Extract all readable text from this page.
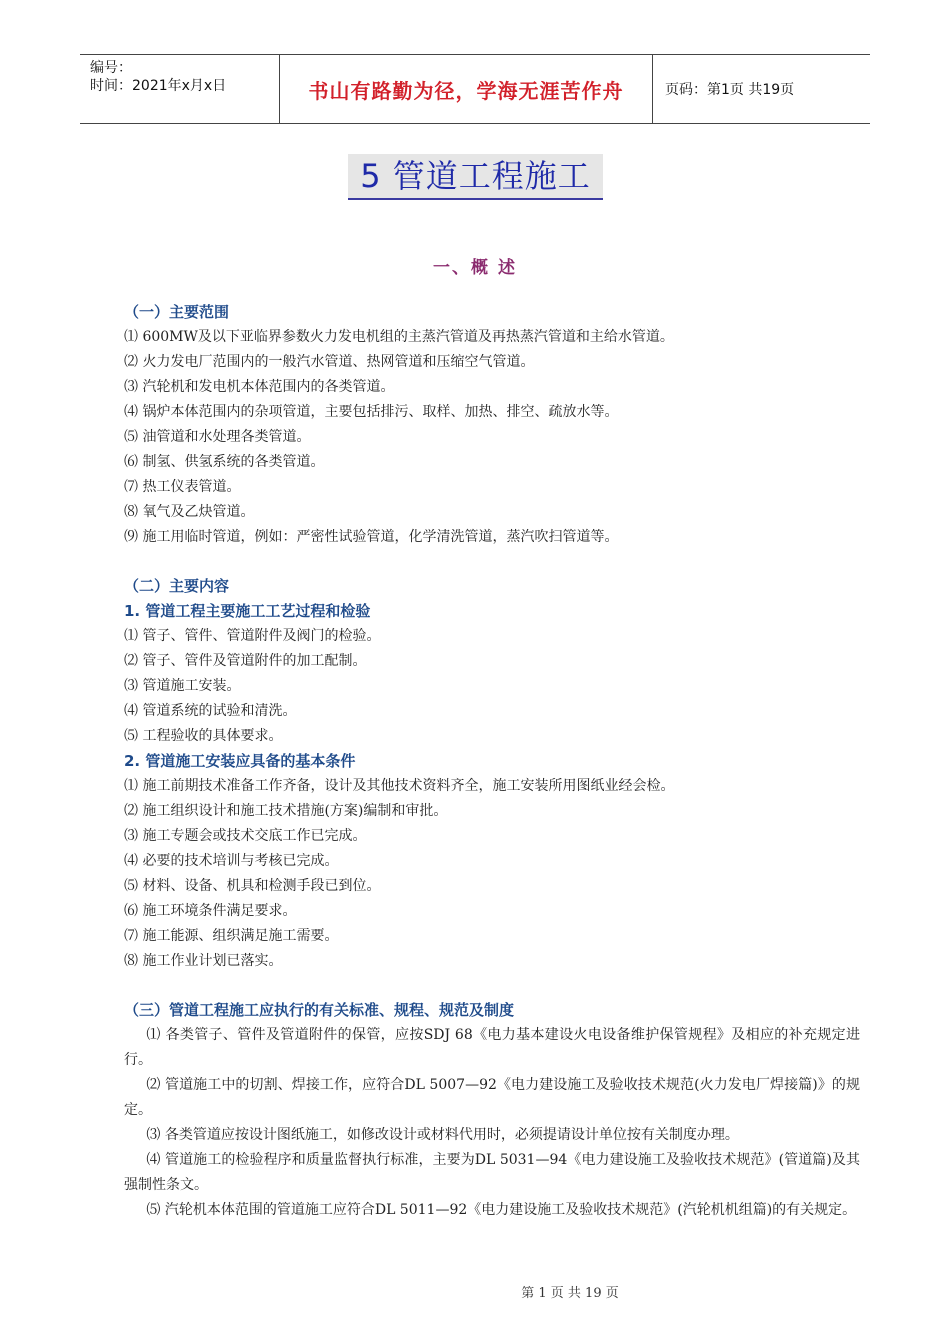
编号：
时间：2021年x月x日	书山有路勤为径，学海无涯苦作舟	页码：第1页 共19页
5 管道工程施工
一、概 述
（一）主要范围
⑴ 600MW及以下亚临界参数火力发电机组的主蒸汽管道及再热蒸汽管道和主给水管道。
⑵ 火力发电厂范围内的一般汽水管道、热网管道和压缩空气管道。
⑶ 汽轮机和发电机本体范围内的各类管道。
⑷ 锅炉本体范围内的杂项管道，主要包括排污、取样、加热、排空、疏放水等。
⑸ 油管道和水处理各类管道。
⑹ 制氢、供氢系统的各类管道。
⑺ 热工仪表管道。
⑻ 氧气及乙炔管道。
⑼ 施工用临时管道，例如：严密性试验管道，化学清洗管道，蒸汽吹扫管道等。
（二）主要内容
1. 管道工程主要施工工艺过程和检验
⑴ 管子、管件、管道附件及阀门的检验。
⑵ 管子、管件及管道附件的加工配制。
⑶ 管道施工安装。
⑷ 管道系统的试验和清洗。
⑸ 工程验收的具体要求。
2. 管道施工安装应具备的基本条件
⑴ 施工前期技术准备工作齐备，设计及其他技术资料齐全，施工安装所用图纸业经会检。
⑵ 施工组织设计和施工技术措施(方案)编制和审批。
⑶ 施工专题会或技术交底工作已完成。
⑷ 必要的技术培训与考核已完成。
⑸ 材料、设备、机具和检测手段已到位。
⑹ 施工环境条件满足要求。
⑺ 施工能源、组织满足施工需要。
⑻ 施工作业计划已落实。
（三）管道工程施工应执行的有关标准、规程、规范及制度

⑴ 各类管子、管件及管道附件的保管，应按SDJ 68《电力基本建设火电设备维护保管规程》及相应的补充规定进行。

⑵ 管道施工中的切割、焊接工作，应符合DL 5007—92《电力建设施工及验收技术规范(火力发电厂焊接篇)》的规定。

⑶ 各类管道应按设计图纸施工，如修改设计或材料代用时，必须提请设计单位按有关制度办理。

⑷ 管道施工的检验程序和质量监督执行标准，主要为DL 5031—94《电力建设施工及验收技术规范》(管道篇)及其强制性条文。

⑸ 汽轮机本体范围的管道施工应符合DL 5011—92《电力建设施工及验收技术规范》(汽轮机机组篇)的有关规定。

第 1 页 共 19 页
